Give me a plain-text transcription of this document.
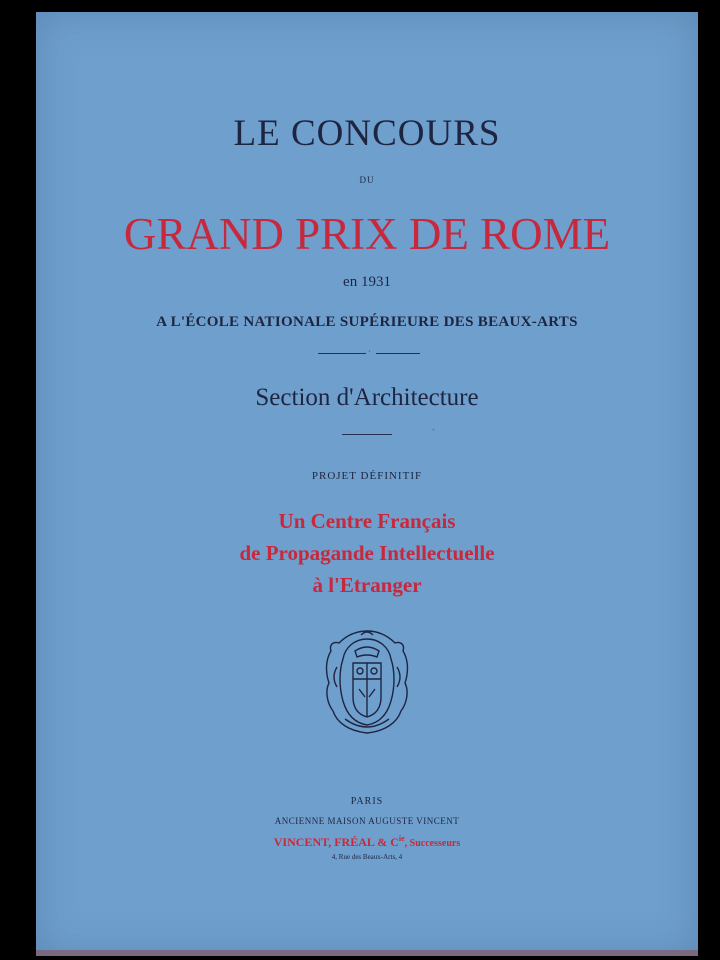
LE CONCOURS
DU
GRAND PRIX DE ROME
en 1931
A L'ÉCOLE NATIONALE SUPÉRIEURE DES BEAUX-ARTS
·
Section d'Architecture
ˋ
PROJET DÉFINITIF
Un Centre Français
de Propagande Intellectuelle
à l'Etranger
PARIS
ANCIENNE MAISON AUGUSTE VINCENT
VINCENT, FRÉAL & $C^{ie}$, Successeurs
4, Rue des Beaux-Arts, 4
